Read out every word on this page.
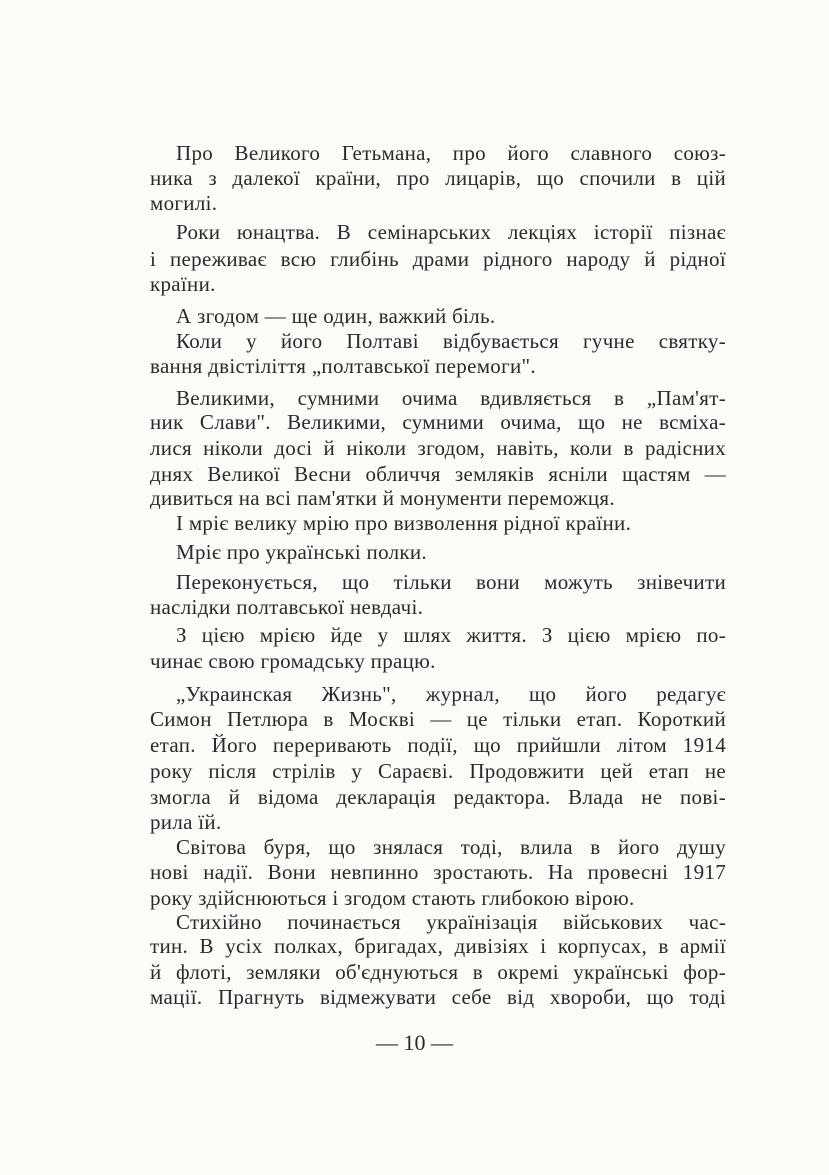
Про Великого Гетьмана, про його славного союз-
ника з далекої країни, про лицарів, що спочили в цій
могилі.
Роки юнацтва. В семінарських лекціях історії пізнає
і переживає всю глибінь драми рідного народу й рідної
країни.
А згодом — ще один, важкий біль.
Коли у його Полтаві відбувається гучне святку-
вання двістіліття „полтавської перемоги".
Великими, сумними очима вдивляється в „Пам'ят-
ник Слави". Великими, сумними очима, що не всміха-
лися ніколи досі й ніколи згодом, навіть, коли в радісних
днях Великої Весни обличчя земляків ясніли щастям —
дивиться на всі пам'ятки й монументи переможця.
І мріє велику мрію про визволення рідної країни.
Мріє про українські полки.
Переконується, що тільки вони можуть знівечити
наслідки полтавської невдачі.
З цією мрією йде у шлях життя. З цією мрією по-
чинає свою громадську працю.
„Украинская Жизнь", журнал, що його редагує
Симон Петлюра в Москві — це тільки етап. Короткий
етап. Його переривають події, що прийшли літом 1914
року після стрілів у Сараєві. Продовжити цей етап не
змогла й відома декларація редактора. Влада не пові-
рила їй.
Світова буря, що знялася тоді, влила в його душу
нові надії. Вони невпинно зростають. На провесні 1917
року здійснюються і згодом стають глибокою вірою.
Стихійно починається українізація військових час-
тин. В усіх полках, бригадах, дивізіях і корпусах, в армії
й флоті, земляки об'єднуються в окремі українські фор-
мації. Прагнуть відмежувати себе від хвороби, що тоді
— 10 —
